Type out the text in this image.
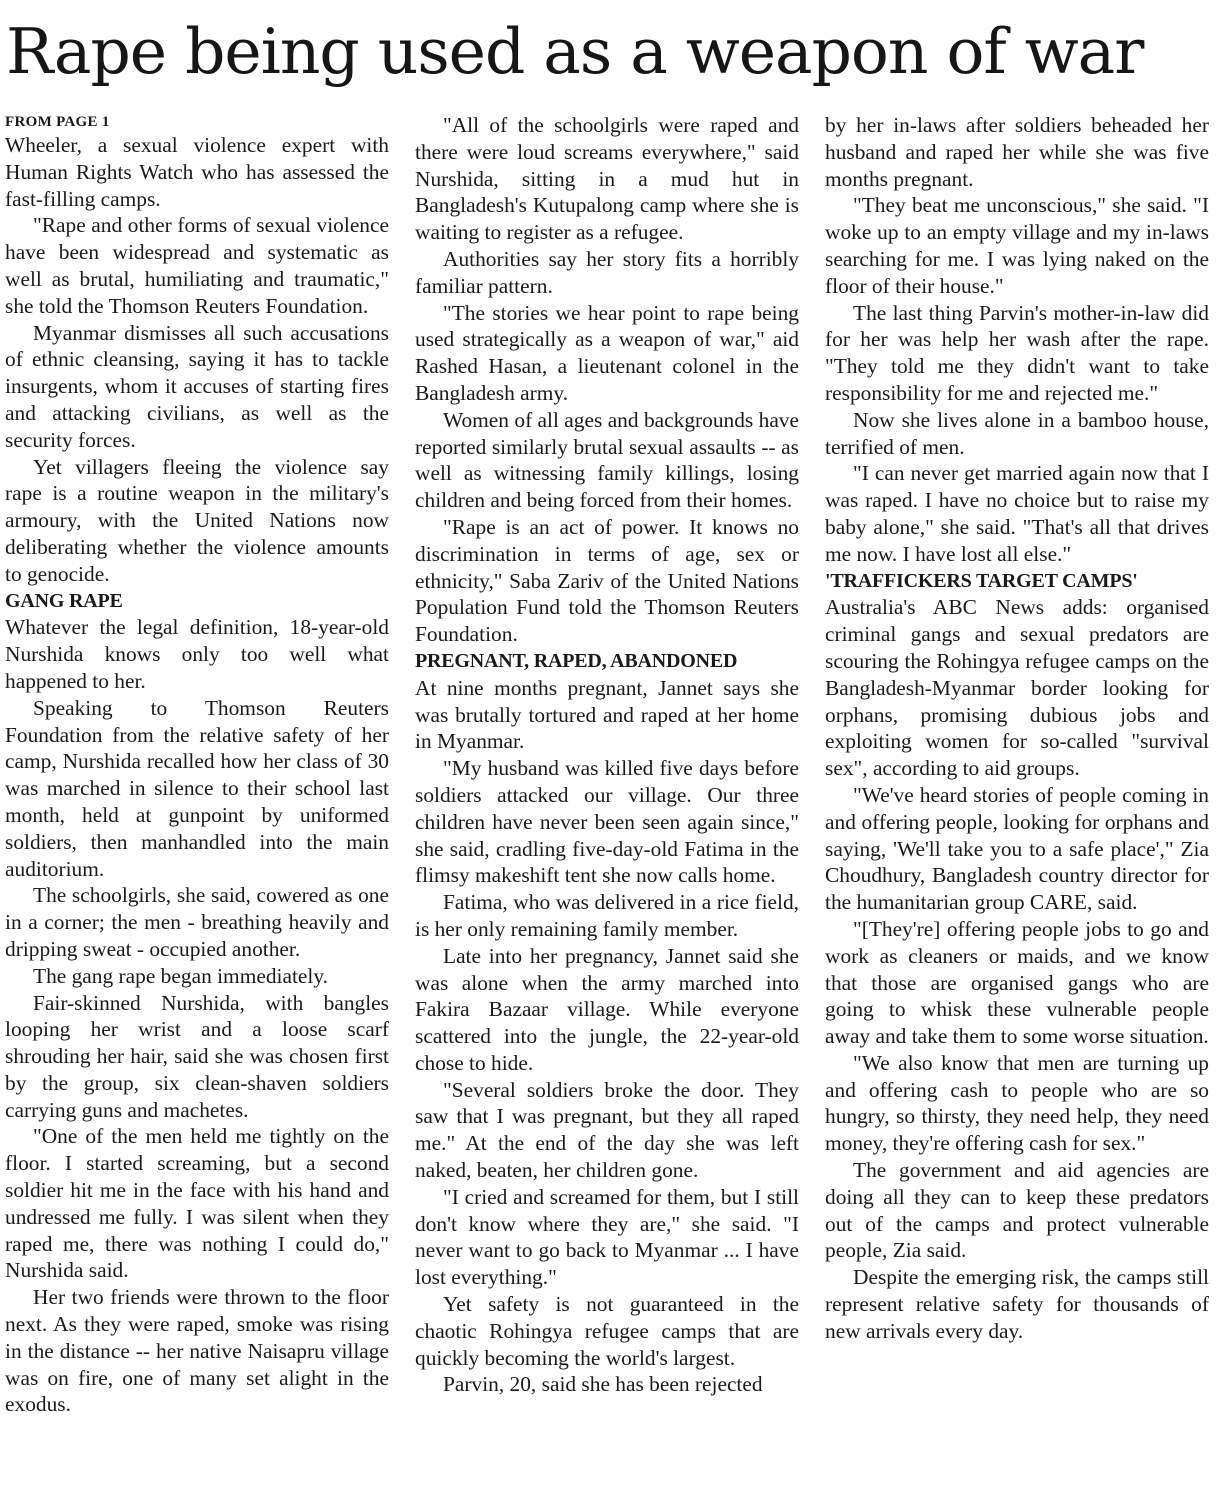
Rape being used as a weapon of war
FROM PAGE 1

Wheeler, a sexual violence expert with Human Rights Watch who has assessed the fast-filling camps.

"Rape and other forms of sexual violence have been widespread and systematic as well as brutal, humiliating and traumatic," she told the Thomson Reuters Foundation.

Myanmar dismisses all such accusations of ethnic cleansing, saying it has to tackle insurgents, whom it accuses of starting fires and attacking civilians, as well as the security forces.

Yet villagers fleeing the violence say rape is a routine weapon in the military's armoury, with the United Nations now deliberating whether the violence amounts to genocide.

GANG RAPE

Whatever the legal definition, 18-year-old Nurshida knows only too well what happened to her.

Speaking to Thomson Reuters Foundation from the relative safety of her camp, Nurshida recalled how her class of 30 was marched in silence to their school last month, held at gunpoint by uniformed soldiers, then manhandled into the main auditorium.

The schoolgirls, she said, cowered as one in a corner; the men - breathing heavily and dripping sweat - occupied another.

The gang rape began immediately.

Fair-skinned Nurshida, with bangles looping her wrist and a loose scarf shrouding her hair, said she was chosen first by the group, six clean-shaven soldiers carrying guns and machetes.

"One of the men held me tightly on the floor. I started screaming, but a second soldier hit me in the face with his hand and undressed me fully. I was silent when they raped me, there was nothing I could do," Nurshida said.

Her two friends were thrown to the floor next. As they were raped, smoke was rising in the distance -- her native Naisapru village was on fire, one of many set alight in the exodus.

"All of the schoolgirls were raped and there were loud screams everywhere," said Nurshida, sitting in a mud hut in Bangladesh's Kutupalong camp where she is waiting to register as a refugee.

Authorities say her story fits a horribly familiar pattern.

"The stories we hear point to rape being used strategically as a weapon of war," aid Rashed Hasan, a lieutenant colonel in the Bangladesh army.

Women of all ages and backgrounds have reported similarly brutal sexual assaults -- as well as witnessing family killings, losing children and being forced from their homes.

"Rape is an act of power. It knows no discrimination in terms of age, sex or ethnicity," Saba Zariv of the United Nations Population Fund told the Thomson Reuters Foundation.

PREGNANT, RAPED, ABANDONED

At nine months pregnant, Jannet says she was brutally tortured and raped at her home in Myanmar.

"My husband was killed five days before soldiers attacked our village. Our three children have never been seen again since," she said, cradling five-day-old Fatima in the flimsy makeshift tent she now calls home.

Fatima, who was delivered in a rice field, is her only remaining family member.

Late into her pregnancy, Jannet said she was alone when the army marched into Fakira Bazaar village. While everyone scattered into the jungle, the 22-year-old chose to hide.

"Several soldiers broke the door. They saw that I was pregnant, but they all raped me." At the end of the day she was left naked, beaten, her children gone.

"I cried and screamed for them, but I still don't know where they are," she said. "I never want to go back to Myanmar ... I have lost everything."

Yet safety is not guaranteed in the chaotic Rohingya refugee camps that are quickly becoming the world's largest.

Parvin, 20, said she has been rejected

by her in-laws after soldiers beheaded her husband and raped her while she was five months pregnant.

"They beat me unconscious," she said. "I woke up to an empty village and my in-laws searching for me. I was lying naked on the floor of their house."

The last thing Parvin's mother-in-law did for her was help her wash after the rape. "They told me they didn't want to take responsibility for me and rejected me."

Now she lives alone in a bamboo house, terrified of men.

"I can never get married again now that I was raped. I have no choice but to raise my baby alone," she said. "That's all that drives me now. I have lost all else."

'TRAFFICKERS TARGET CAMPS'

Australia's ABC News adds: organised criminal gangs and sexual predators are scouring the Rohingya refugee camps on the Bangladesh-Myanmar border looking for orphans, promising dubious jobs and exploiting women for so-called "survival sex", according to aid groups.

"We've heard stories of people coming in and offering people, looking for orphans and saying, 'We'll take you to a safe place'," Zia Choudhury, Bangladesh country director for the humanitarian group CARE, said.

"[They're] offering people jobs to go and work as cleaners or maids, and we know that those are organised gangs who are going to whisk these vulnerable people away and take them to some worse situation.

"We also know that men are turning up and offering cash to people who are so hungry, so thirsty, they need help, they need money, they're offering cash for sex."

The government and aid agencies are doing all they can to keep these predators out of the camps and protect vulnerable people, Zia said.

Despite the emerging risk, the camps still represent relative safety for thousands of new arrivals every day.
